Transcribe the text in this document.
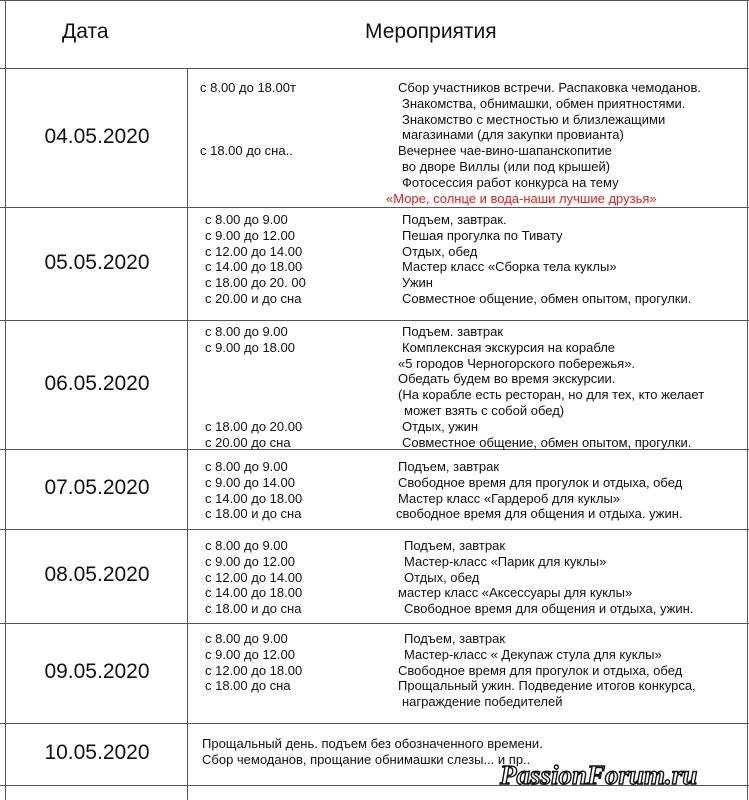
Дата	Мероприятия
04.05.2020
с 8.00 до 18.00т

с 18.00 до сна..
Сбор участников встречи. Распаковка чемоданов.
Знакомства, обнимашки, обмен приятностями.
Знакомство с местностью и близлежащими
магазинами (для закупки провианта)
Вечернее чае-вино-шапанскопитие
во дворе Виллы (или под крышей)
Фотосессия работ конкурса на тему
«Море, солнце и вода-наши лучшие друзья»
05.05.2020
с 8.00 до 9.00
с 9.00 до 12.00
с 12.00 до 14.00
с 14.00 до 18.00
с 18.00 до 20. 00
с 20.00 и до сна
Подъем, завтрак.
Пешая прогулка по Тивату
Отдых, обед
Мастер класс «Сборка тела куклы»
Ужин
Совместное общение, обмен опытом, прогулки.
06.05.2020
с 8.00 до 9.00
с 9.00 до 18.00

с 18.00 до 20.00
с 20.00 до сна
Подъем. завтрак
Комплексная экскурсия на корабле
«5 городов Черногорского побережья».
Обедать будем во время экскурсии.
(На корабле есть ресторан, но для тех, кто желает
может взять с собой обед)
Отдых, ужин
Совместное общение, обмен опытом, прогулки.
07.05.2020
с 8.00 до 9.00
с 9.00 до 14.00
с 14.00 до 18.00
с 18.00 и до сна
Подъем, завтрак
Свободное время для прогулок и отдыха, обед
Мастер класс «Гардероб для куклы»
свободное время для общения и отдыха. ужин.
08.05.2020
с 8.00 до 9.00
с 9.00 до 12.00
с 12.00 до 14.00
с 14.00 до 18.00
с 18.00 и до сна
Подъем, завтрак
Мастер-класс «Парик для куклы»
Отдых, обед
мастер класс «Аксессуары для куклы»
Свободное время для общения и отдыха, ужин.
09.05.2020
с 8.00 до 9.00
с 9.00 до 12.00
с 12.00 до 18.00
с 18.00 до сна

Подъем, завтрак
Мастер-класс « Декупаж стула для куклы»
Свободное время для прогулок и отдыха, обед
Прощальный ужин. Подведение итогов конкурса,
награждение победителей
10.05.2020	Прощальный день. подъем без обозначенного времени.
Сбор чемоданов, прощание обнимашки слезы... и пр..
PassionForum.ru
